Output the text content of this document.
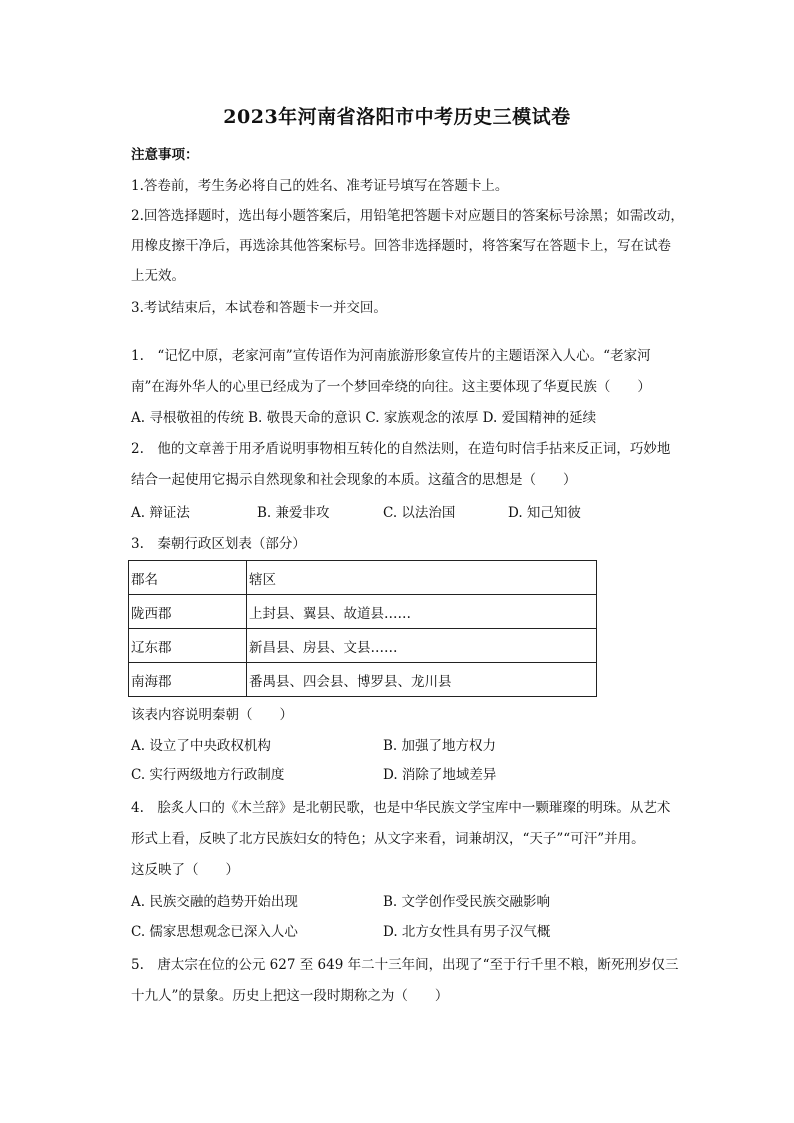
2023年河南省洛阳市中考历史三模试卷
注意事项：
1.答卷前，考生务必将自己的姓名、准考证号填写在答题卡上。
2.回答选择题时，选出每小题答案后，用铅笔把答题卡对应题目的答案标号涂黑；如需改动，
用橡皮擦干净后，再选涂其他答案标号。回答非选择题时，将答案写在答题卡上，写在试卷
上无效。
3.考试结束后，本试卷和答题卡一并交回。
1.　“记忆中原，老家河南”宣传语作为河南旅游形象宣传片的主题语深入人心。“老家河
南”在海外华人的心里已经成为了一个梦回牵绕的向往。这主要体现了华夏民族（　　）
A. 寻根敬祖的传统 B. 敬畏天命的意识 C. 家族观念的浓厚 D. 爱国精神的延续
2.　他的文章善于用矛盾说明事物相互转化的自然法则，在造句时信手拈来反正词，巧妙地
结合一起使用它揭示自然现象和社会现象的本质。这蕴含的思想是（　　）
A. 辩证法	B. 兼爱非攻	C. 以法治国	D. 知己知彼
3.　秦朝行政区划表（部分）
郡名	辖区
陇西郡	上封县、翼县、故道县……
辽东郡	新昌县、房县、文县……
南海郡	番禺县、四会县、博罗县、龙川县
该表内容说明秦朝（　　）
A. 设立了中央政权机构	B. 加强了地方权力
C. 实行两级地方行政制度	D. 消除了地域差异
4.　脍炙人口的《木兰辞》是北朝民歌，也是中华民族文学宝库中一颗璀璨的明珠。从艺术
形式上看，反映了北方民族妇女的特色；从文字来看，词兼胡汉，“天子”“可汗”并用。
这反映了（　　）
A. 民族交融的趋势开始出现	B. 文学创作受民族交融影响
C. 儒家思想观念已深入人心	D. 北方女性具有男子汉气概
5.　唐太宗在位的公元 627 至 649 年二十三年间，出现了“至于行千里不粮，断死刑岁仅三
十九人”的景象。历史上把这一段时期称之为（　　）
